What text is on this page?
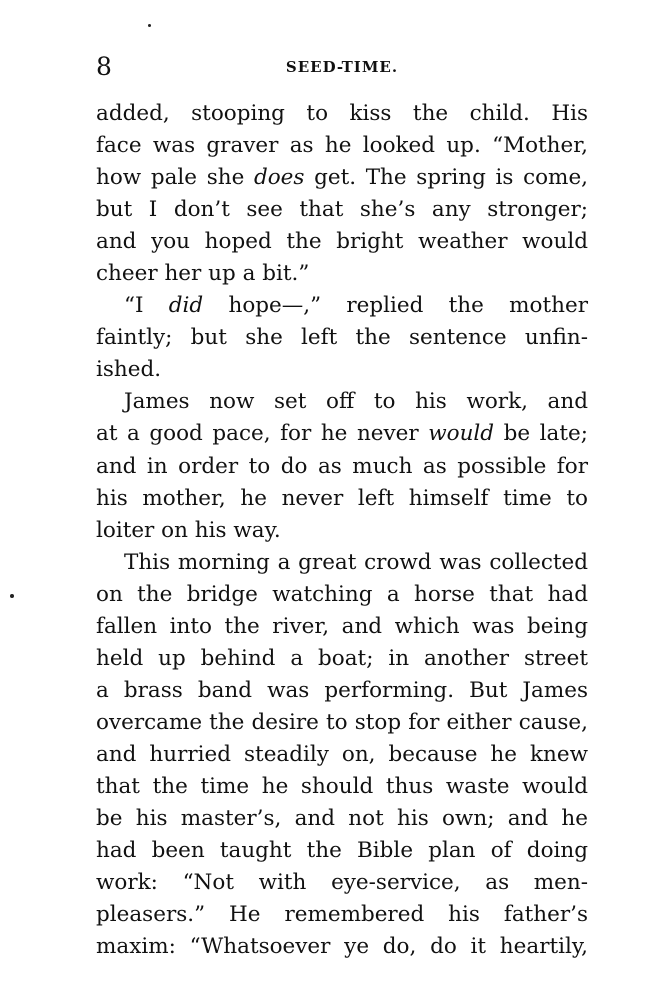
8	SEED-TIME.
added, stooping to kiss the child. His
face was graver as he looked up. “Mother,
how pale she does get. The spring is come,
but I don’t see that she’s any stronger;
and you hoped the bright weather would
cheer her up a bit.”
“I did hope—,” replied the mother
faintly; but she left the sentence unfin-
ished.
James now set off to his work, and
at a good pace, for he never would be late;
and in order to do as much as possible for
his mother, he never left himself time to
loiter on his way.
This morning a great crowd was collected
on the bridge watching a horse that had
fallen into the river, and which was being
held up behind a boat; in another street
a brass band was performing. But James
overcame the desire to stop for either cause,
and hurried steadily on, because he knew
that the time he should thus waste would
be his master’s, and not his own; and he
had been taught the Bible plan of doing
work: “Not with eye-service, as men-
pleasers.” He remembered his father’s
maxim: “Whatsoever ye do, do it heartily,
